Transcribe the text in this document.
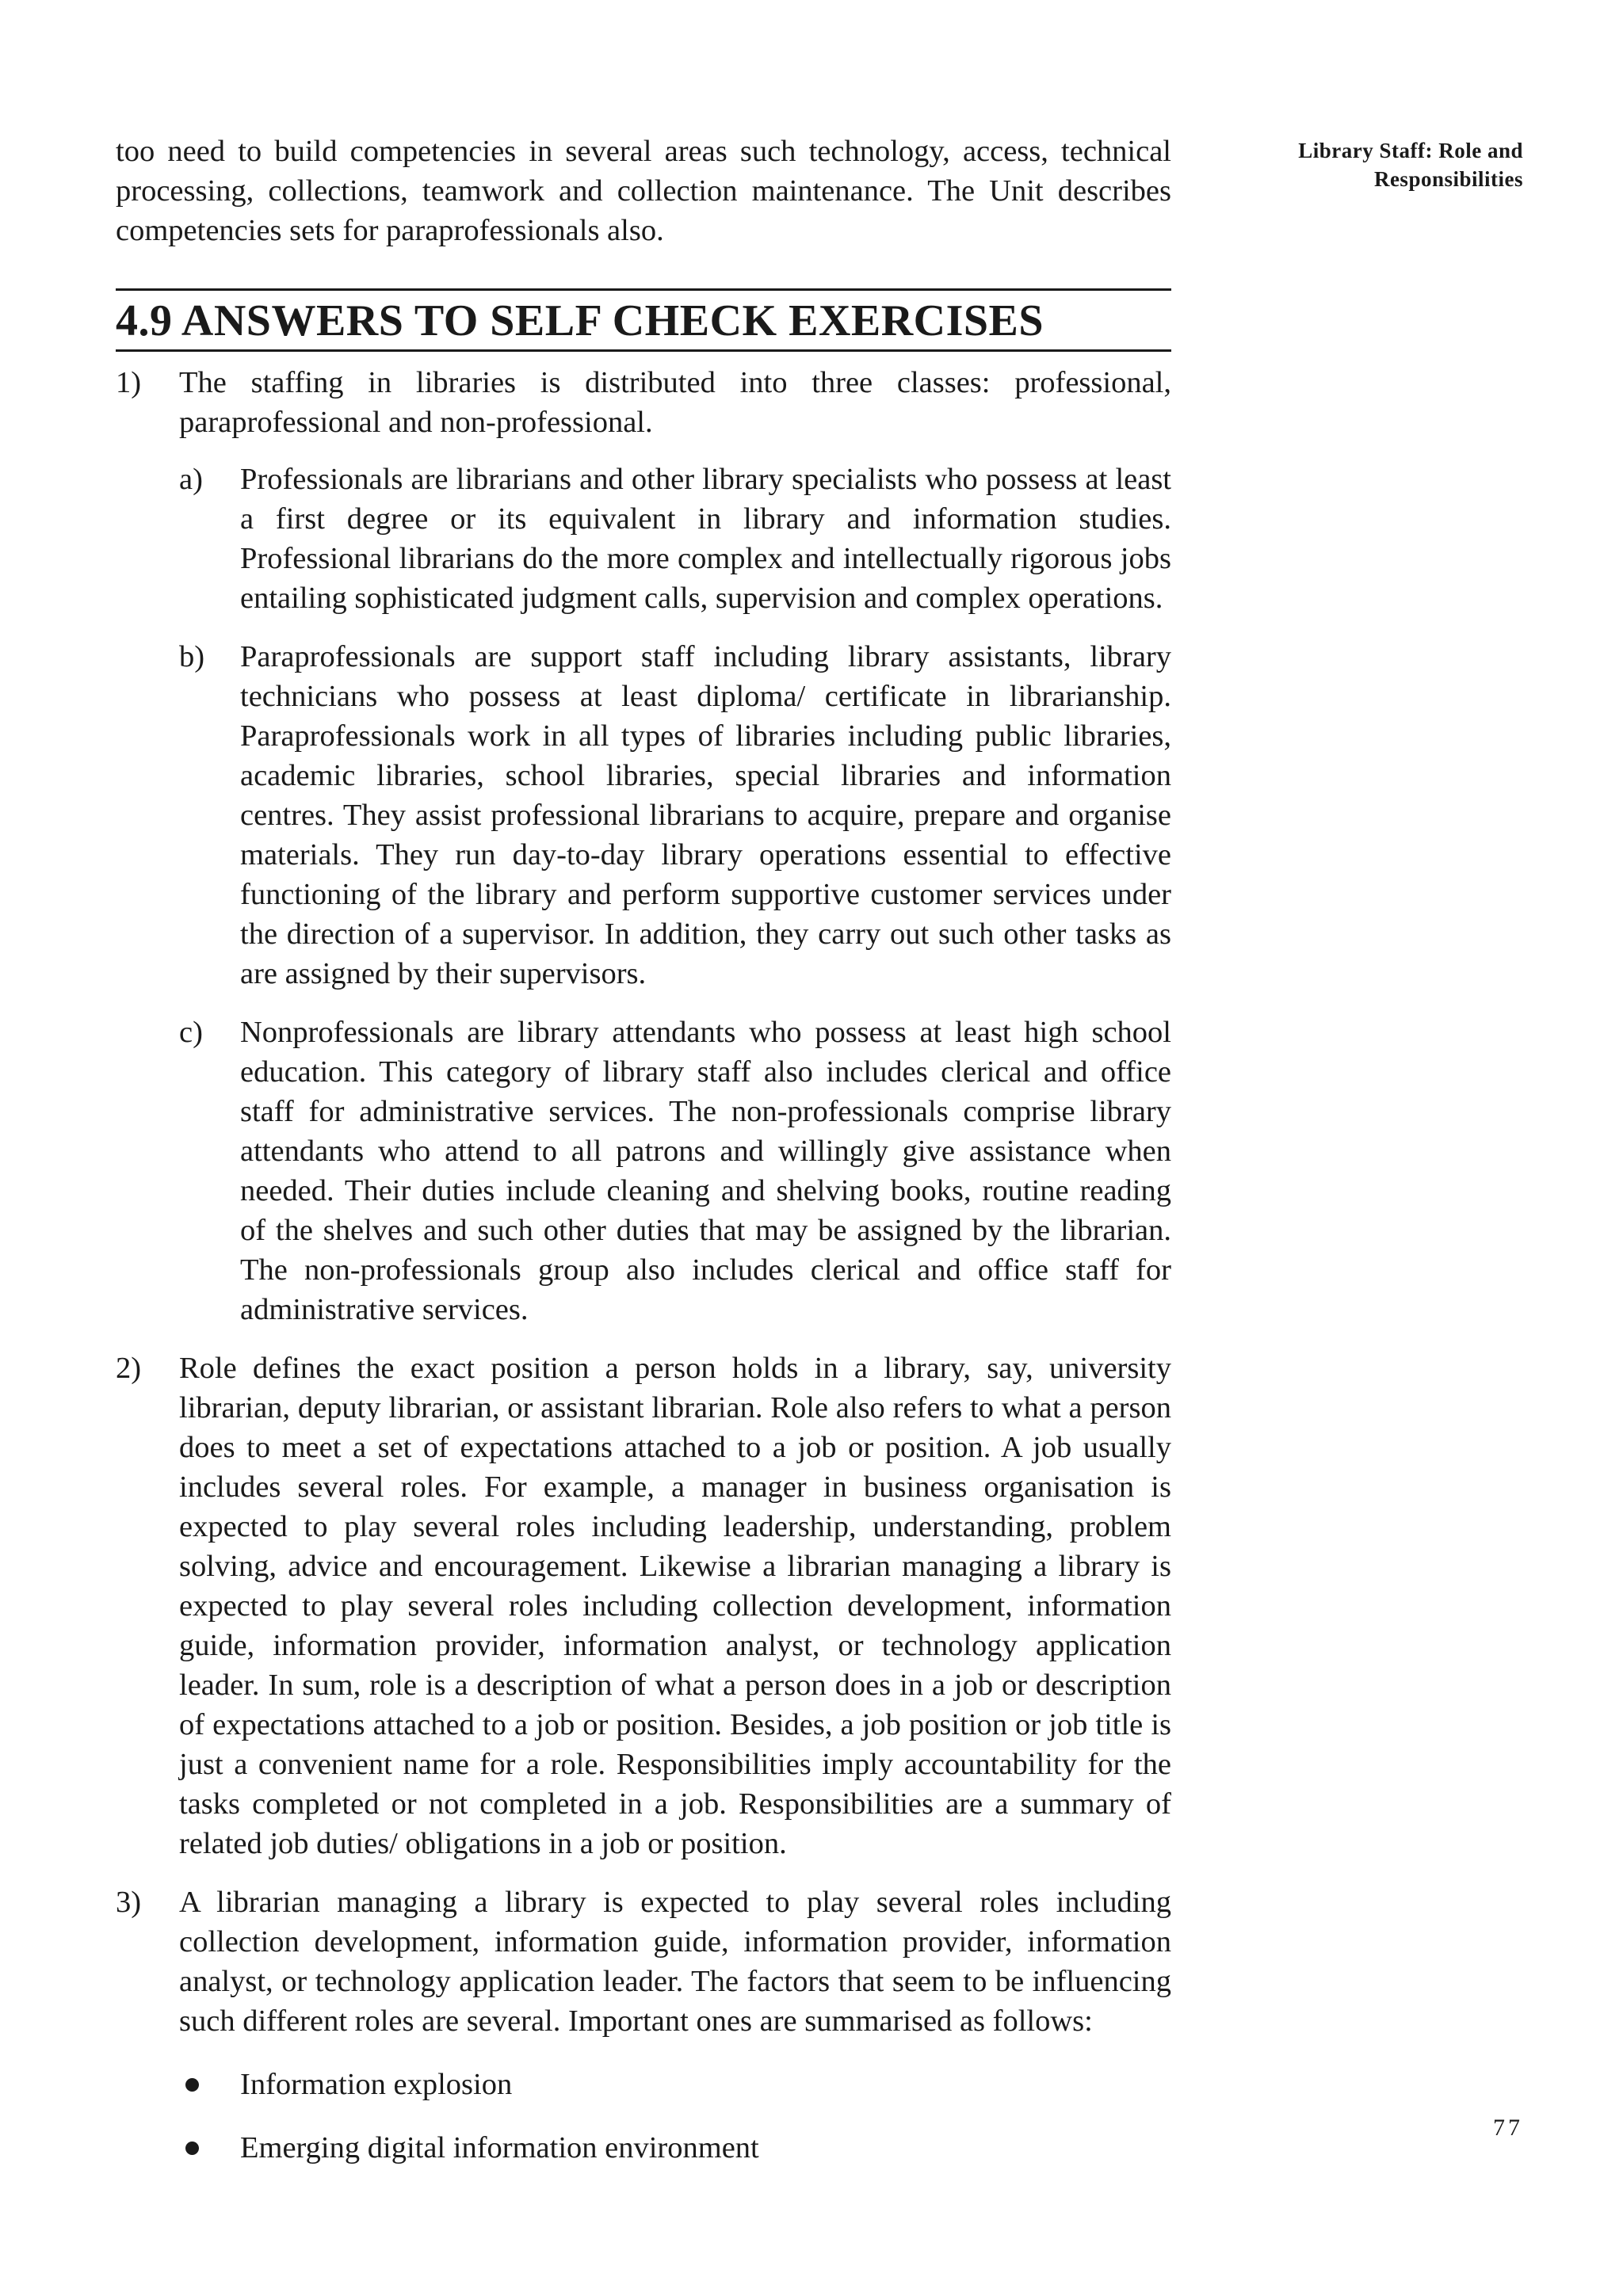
Library Staff: Role and
Responsibilities

too need to build competencies in several areas such technology, access, technical processing, collections, teamwork and collection maintenance. The Unit describes competencies sets for paraprofessionals also.

4.9 ANSWERS TO SELF CHECK EXERCISES
1) The staffing in libraries is distributed into three classes: professional, paraprofessional and non-professional.

a) Professionals are librarians and other library specialists who possess at least a first degree or its equivalent in library and information studies. Professional librarians do the more complex and intellectually rigorous jobs entailing sophisticated judgment calls, supervision and complex operations.

b) Paraprofessionals are support staff including library assistants, library technicians who possess at least diploma/ certificate in librarianship. Paraprofessionals work in all types of libraries including public libraries, academic libraries, school libraries, special libraries and information centres. They assist professional librarians to acquire, prepare and organise materials. They run day-to-day library operations essential to effective functioning of the library and perform supportive customer services under the direction of a supervisor. In addition, they carry out such other tasks as are assigned by their supervisors.

c) Nonprofessionals are library attendants who possess at least high school education. This category of library staff also includes clerical and office staff for administrative services. The non-professionals comprise library attendants who attend to all patrons and willingly give assistance when needed. Their duties include cleaning and shelving books, routine reading of the shelves and such other duties that may be assigned by the librarian. The non-professionals group also includes clerical and office staff for administrative services.

2) Role defines the exact position a person holds in a library, say, university librarian, deputy librarian, or assistant librarian. Role also refers to what a person does to meet a set of expectations attached to a job or position. A job usually includes several roles. For example, a manager in business organisation is expected to play several roles including leadership, understanding, problem solving, advice and encouragement. Likewise a librarian managing a library is expected to play several roles including collection development, information guide, information provider, information analyst, or technology application leader. In sum, role is a description of what a person does in a job or description of expectations attached to a job or position. Besides, a job position or job title is just a convenient name for a role. Responsibilities imply accountability for the tasks completed or not completed in a job. Responsibilities are a summary of related job duties/ obligations in a job or position.

3) A librarian managing a library is expected to play several roles including collection development, information guide, information provider, information analyst, or technology application leader. The factors that seem to be influencing such different roles are several. Important ones are summarised as follows:

Information explosion
Emerging digital information environment
77
